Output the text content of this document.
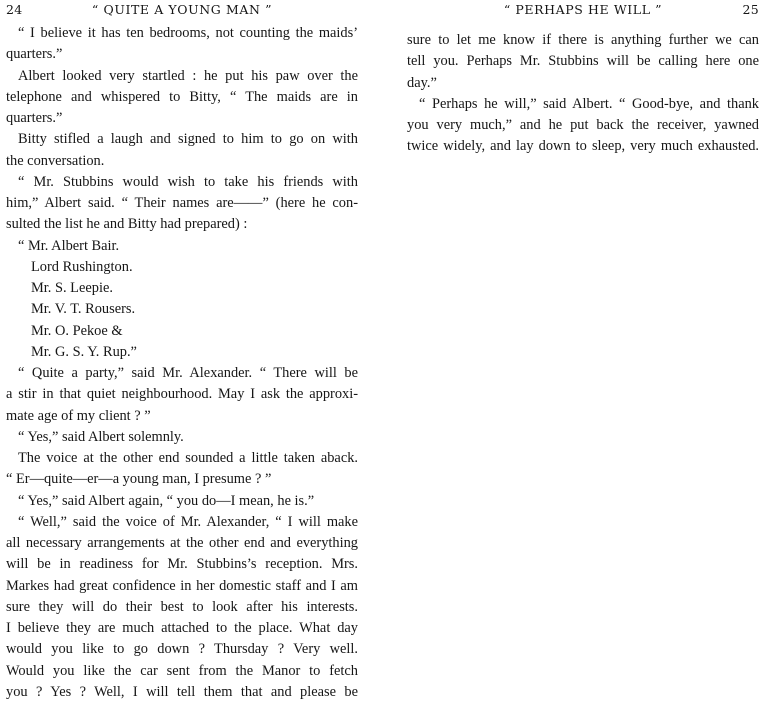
24	“ QUITE A YOUNG MAN ”
“ I believe it has ten bedrooms, not counting the maids’
quarters.”
Albert looked very startled : he put his paw over the
telephone and whispered to Bitty, “ The maids are in
quarters.”
Bitty stifled a laugh and signed to him to go on with
the conversation.
“ Mr. Stubbins would wish to take his friends with
him,” Albert said. “ Their names are——” (here he con-
sulted the list he and Bitty had prepared) :
“ Mr. Albert Bair.
Lord Rushington.
Mr. S. Leepie.
Mr. V. T. Rousers.
Mr. O. Pekoe &
Mr. G. S. Y. Rup.”
“ Quite a party,” said Mr. Alexander. “ There will be
a stir in that quiet neighbourhood. May I ask the approxi-
mate age of my client ? ”
“ Yes,” said Albert solemnly.
The voice at the other end sounded a little taken aback.
“ Er—quite—er—a young man, I presume ? ”
“ Yes,” said Albert again, “ you do—I mean, he is.”
“ Well,” said the voice of Mr. Alexander, “ I will make
all necessary arrangements at the other end and everything
will be in readiness for Mr. Stubbins’s reception. Mrs.
Markes had great confidence in her domestic staff and I am
sure they will do their best to look after his interests.
I believe they are much attached to the place. What day
would you like to go down ? Thursday ? Very well.
Would you like the car sent from the Manor to fetch
you ? Yes ? Well, I will tell them that and please be
25
“ PERHAPS HE WILL ”
sure to let me know if there is anything further we can
tell you. Perhaps Mr. Stubbins will be calling here one
day.”
“ Perhaps he will,” said Albert. “ Good-bye, and thank
you very much,” and he put back the receiver, yawned
twice widely, and lay down to sleep, very much exhausted.
